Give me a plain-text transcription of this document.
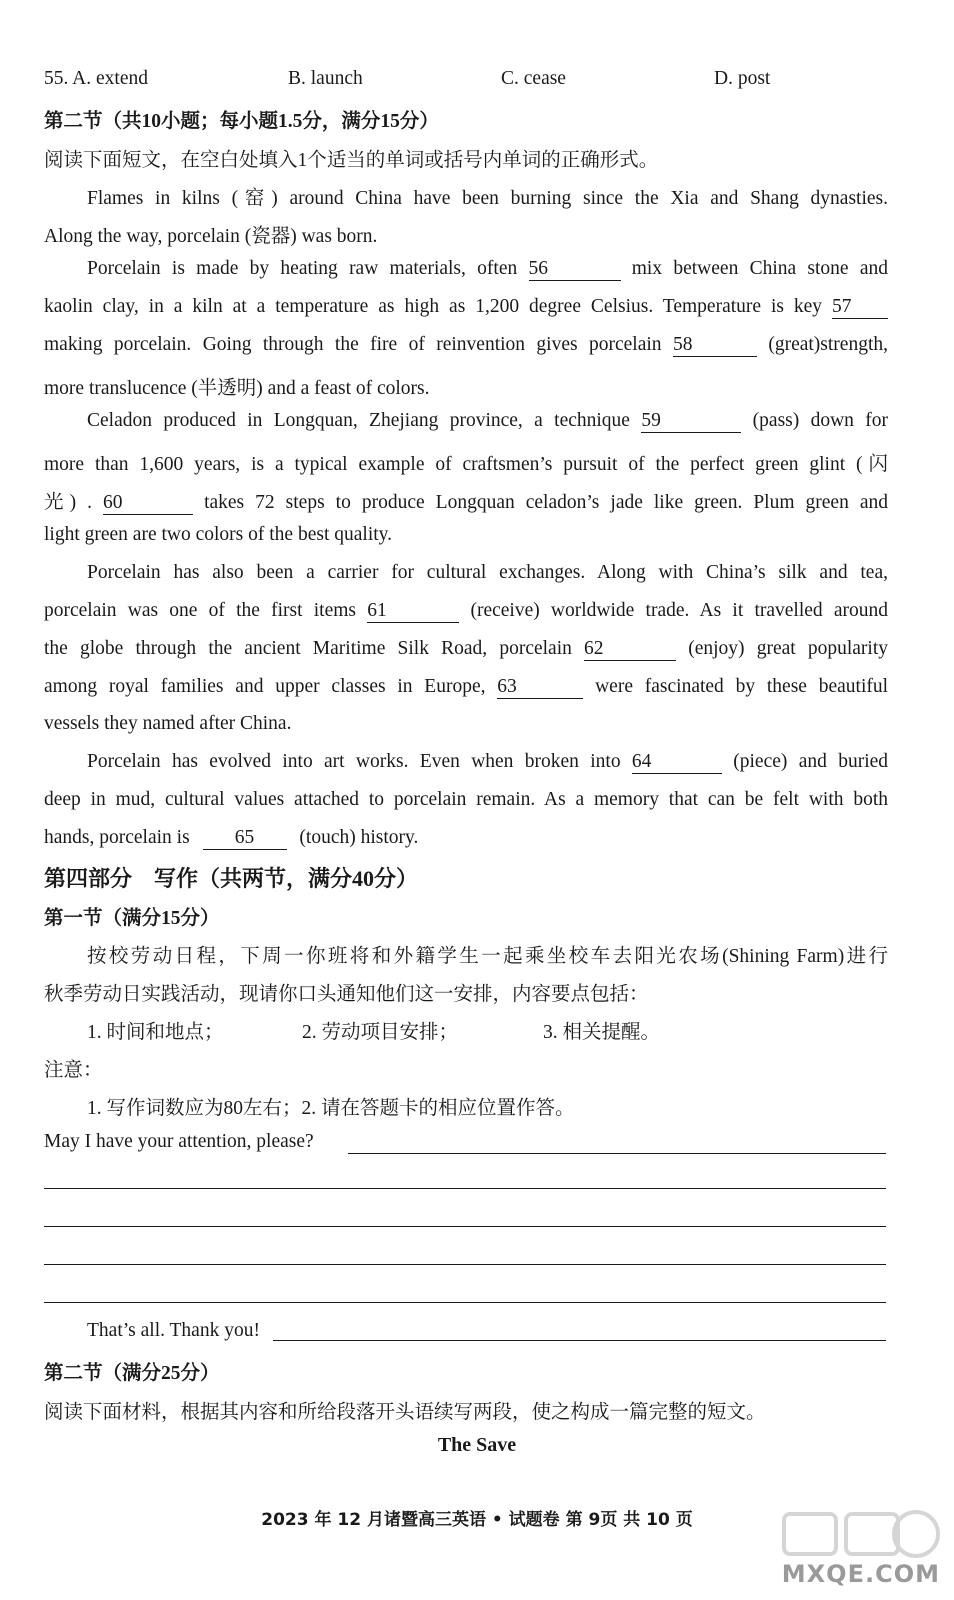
55. A. extend	B. launch	C. cease	D. post
第二节（共10小题；每小题1.5分，满分15分）
阅读下面短文，在空白处填入1个适当的单词或括号内单词的正确形式。
Flames in kilns (窑) around China have been burning since the Xia and Shang dynasties.
Along the way, porcelain (瓷器) was born.
Porcelain is made by heating raw materials, often 56	mix between China stone and
kaolin clay, in a kiln at a temperature as high as 1,200 degree Celsius. Temperature is key 57
making porcelain. Going through the fire of reinvention gives porcelain 58	(great)strength,
more translucence (半透明) and a feast of colors.
Celadon produced in Longquan, Zhejiang province, a technique 59	(pass) down for
more than 1,600 years, is a typical example of craftsmen’s pursuit of the perfect green glint (闪
光) . 60	takes 72 steps to produce Longquan celadon’s jade like green. Plum green and
light green are two colors of the best quality.
Porcelain has also been a carrier for cultural exchanges. Along with China’s silk and tea,
porcelain was one of the first items 61	(receive) worldwide trade. As it travelled around
the globe through the ancient Maritime Silk Road, porcelain 62	(enjoy) great popularity
among royal families and upper classes in Europe, 63	were fascinated by these beautiful
vessels they named after China.
Porcelain has evolved into art works. Even when broken into 64	(piece) and buried
deep in mud, cultural values attached to porcelain remain. As a memory that can be felt with both
hands, porcelain is 65 (touch) history.
第四部分　写作（共两节，满分40分）
第一节（满分15分）
按校劳动日程，下周一你班将和外籍学生一起乘坐校车去阳光农场(Shining Farm)进行
秋季劳动日实践活动，现请你口头通知他们这一安排，内容要点包括：
1. 时间和地点；	2. 劳动项目安排；	3. 相关提醒。
注意：
1. 写作词数应为80左右；2. 请在答题卡的相应位置作答。
May I have your attention, please?
That’s all. Thank you!
第二节（满分25分）
阅读下面材料，根据其内容和所给段落开头语续写两段，使之构成一篇完整的短文。
The Save
2023 年 12 月诸暨高三英语 • 试题卷 第 9页 共 10 页
MXQE.COM
